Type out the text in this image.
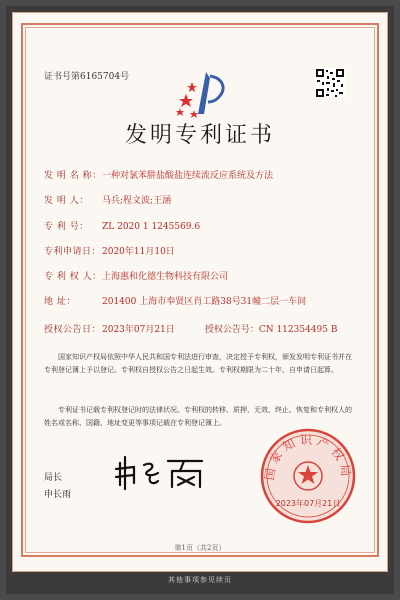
证书号第6165704号
发明专利证书
发 明 名 称：一种对氯苯肼盐酸盐连续流反应系统及方法
发 明 人： 马兵;程文波;王涵
专 利 号： ZL 2020 1 1245569.6
专利申请日：2020年11月10日
专 利 权 人：上海惠和化德生物科技有限公司
地 址：	201400 上海市奉贤区肖工路38号31幢二层一车间
授权公告日：2023年07月21日	授权公告号：CN 112354495 B
国家知识产权局依照中华人民共和国专利法进行审查，决定授予专利权，颁发发明专利证书并在专利登记簿上予以登记。专利权自授权公告之日起生效。专利权期限为二十年，自申请日起算。
专利证书记载专利权登记时的法律状况。专利权的转移、质押、无效、终止、恢复和专利权人的姓名或名称、国籍、地址变更等事项记载在专利登记簿上。
国家知识产权局
2023年07月21日
局长
申长雨
第1页（共2页）
其他事项参见续页
